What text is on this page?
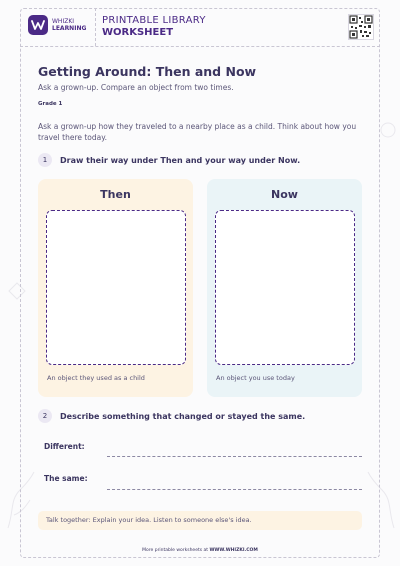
WHIZKI
LEARNING
PRINTABLE LIBRARY
WORKSHEET
Getting Around: Then and Now
Ask a grown-up. Compare an object from two times.
Grade 1
Ask a grown-up how they traveled to a nearby place as a child. Think about how you travel there today.
1	Draw their way under Then and your way under Now.
Then
An object they used as a child
Now
An object you use today
2	Describe something that changed or stayed the same.
Different:
The same:
Talk together: Explain your idea. Listen to someone else's idea.
More printable worksheets at WWW.WHIZKI.COM
